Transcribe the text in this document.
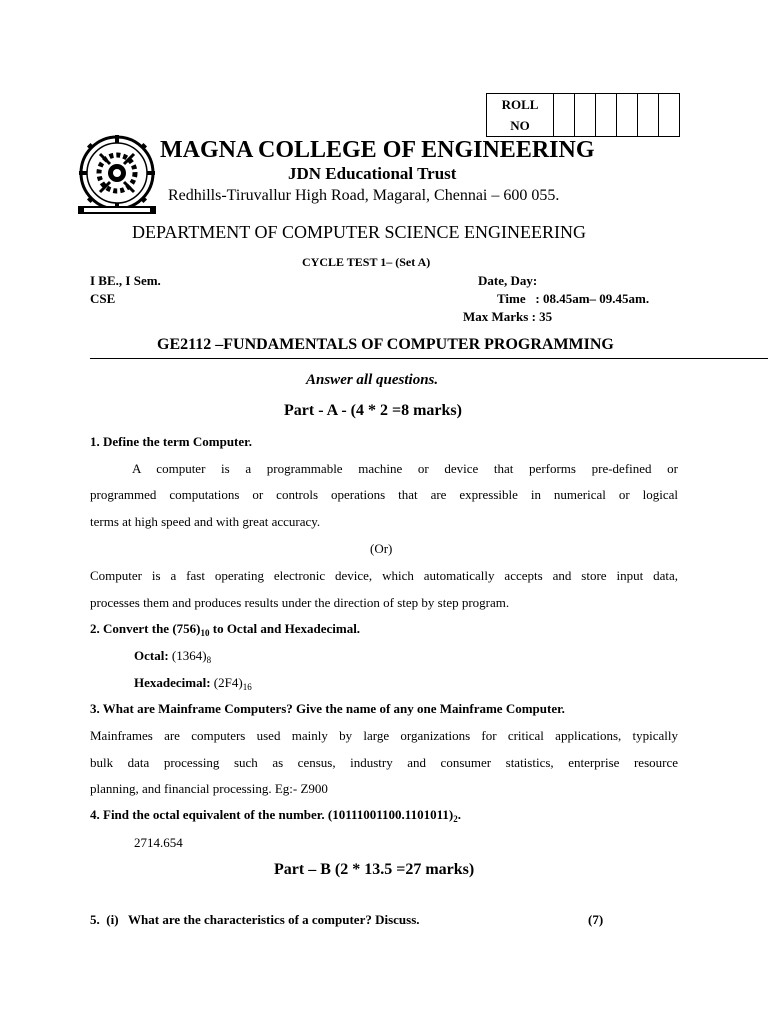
ROLL
NO						
MAGNA COLLEGE OF ENGINEERING
JDN Educational Trust
Redhills-Tiruvallur High Road, Magaral, Chennai – 600 055.
DEPARTMENT OF COMPUTER SCIENCE ENGINEERING
CYCLE TEST 1– (Set A)
I BE., I Sem.
CSE
Date, Day:
Time   : 08.45am– 09.45am.
Max Marks : 35
GE2112 –FUNDAMENTALS OF COMPUTER PROGRAMMING
Answer all questions.
Part - A - (4 * 2 =8 marks)
1. Define the term Computer.
A computer is a programmable machine or device that performs pre-defined or
programmed computations or controls operations that are expressible in numerical or logical
terms at high speed and with great accuracy.
(Or)
Computer is a fast operating electronic device, which automatically accepts and store input data,
processes them and produces results under the direction of step by step program.
2. Convert the $(756)_{10}$ to Octal and Hexadecimal.
Octal: $(1364)_8$
Hexadecimal: $(2F4)_{16}$
3. What are Mainframe Computers? Give the name of any one Mainframe Computer.
Mainframes are computers used mainly by large organizations for critical applications, typically
bulk data processing such as census, industry and consumer statistics, enterprise resource
planning, and financial processing. Eg:- Z900
4. Find the octal equivalent of the number. $(10111001100.1101011)_2$.
2714.654
Part – B (2 * 13.5 =27 marks)
5.  (i)   What are the characteristics of a computer? Discuss.	(7)
